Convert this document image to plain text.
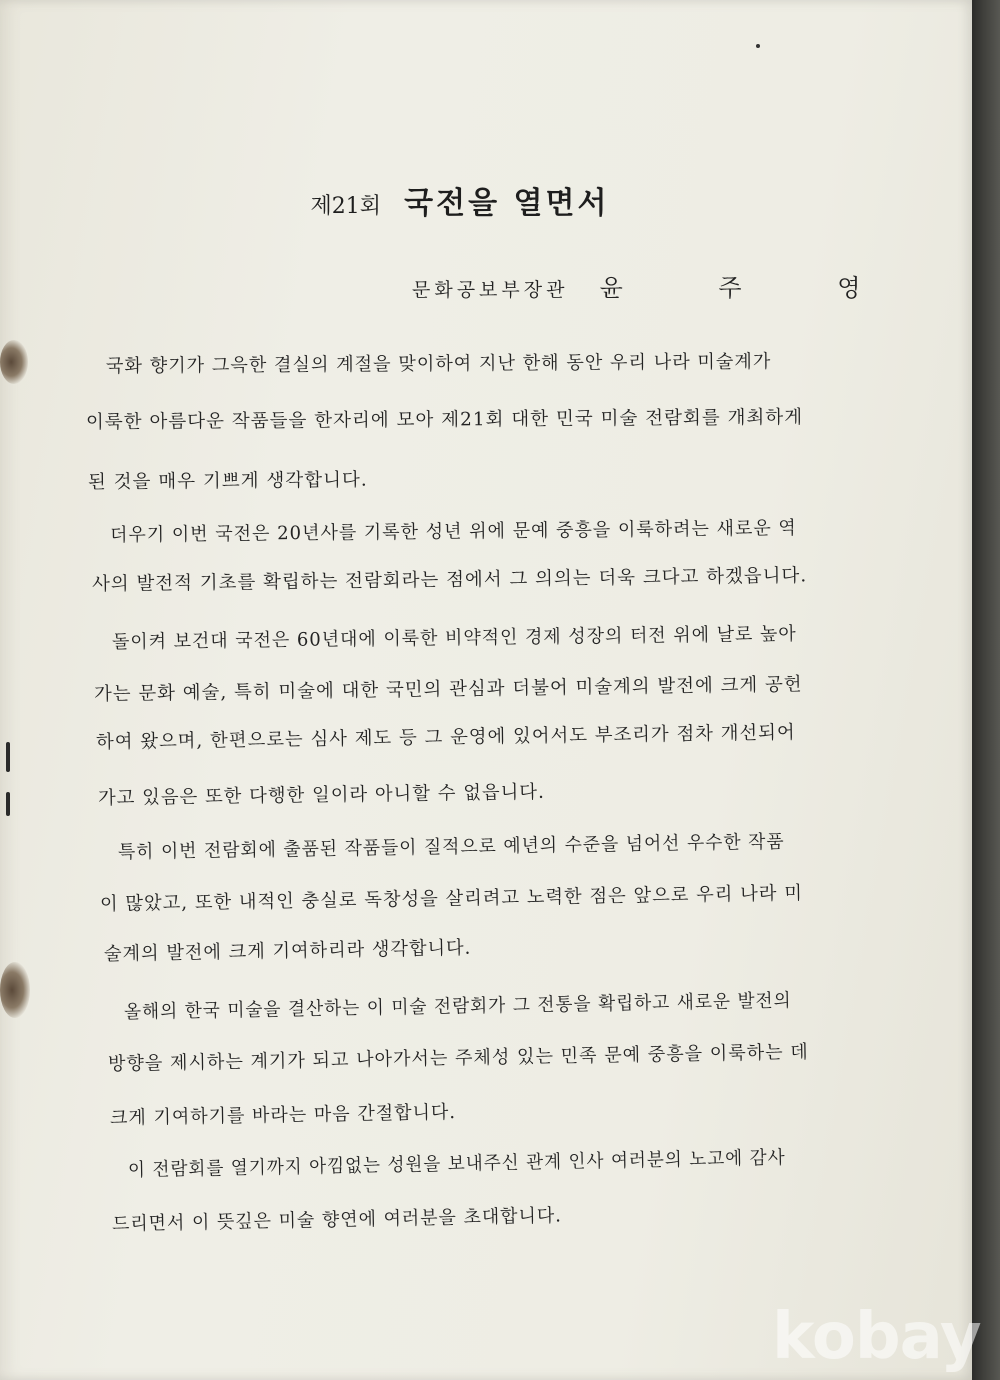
제21회 국전을 열면서
문화공보부장관 윤 주 영
국화 향기가 그윽한 결실의 계절을 맞이하여 지난 한해 동안 우리 나라 미술계가
이룩한 아름다운 작품들을 한자리에 모아 제21회 대한 민국 미술 전람회를 개최하게
된 것을 매우 기쁘게 생각합니다.
더우기 이번 국전은 20년사를 기록한 성년 위에 문예 중흥을 이룩하려는 새로운 역
사의 발전적 기초를 확립하는 전람회라는 점에서 그 의의는 더욱 크다고 하겠읍니다.
돌이켜 보건대 국전은 60년대에 이룩한 비약적인 경제 성장의 터전 위에 날로 높아
가는 문화 예술, 특히 미술에 대한 국민의 관심과 더불어 미술계의 발전에 크게 공헌
하여 왔으며, 한편으로는 심사 제도 등 그 운영에 있어서도 부조리가 점차 개선되어
가고 있음은 또한 다행한 일이라 아니할 수 없읍니다.
특히 이번 전람회에 출품된 작품들이 질적으로 예년의 수준을 넘어선 우수한 작품
이 많았고, 또한 내적인 충실로 독창성을 살리려고 노력한 점은 앞으로 우리 나라 미
술계의 발전에 크게 기여하리라 생각합니다.
올해의 한국 미술을 결산하는 이 미술 전람회가 그 전통을 확립하고 새로운 발전의
방향을 제시하는 계기가 되고 나아가서는 주체성 있는 민족 문예 중흥을 이룩하는 데
크게 기여하기를 바라는 마음 간절합니다.
이 전람회를 열기까지 아낌없는 성원을 보내주신 관계 인사 여러분의 노고에 감사
드리면서 이 뜻깊은 미술 향연에 여러분을 초대합니다.
kobay
